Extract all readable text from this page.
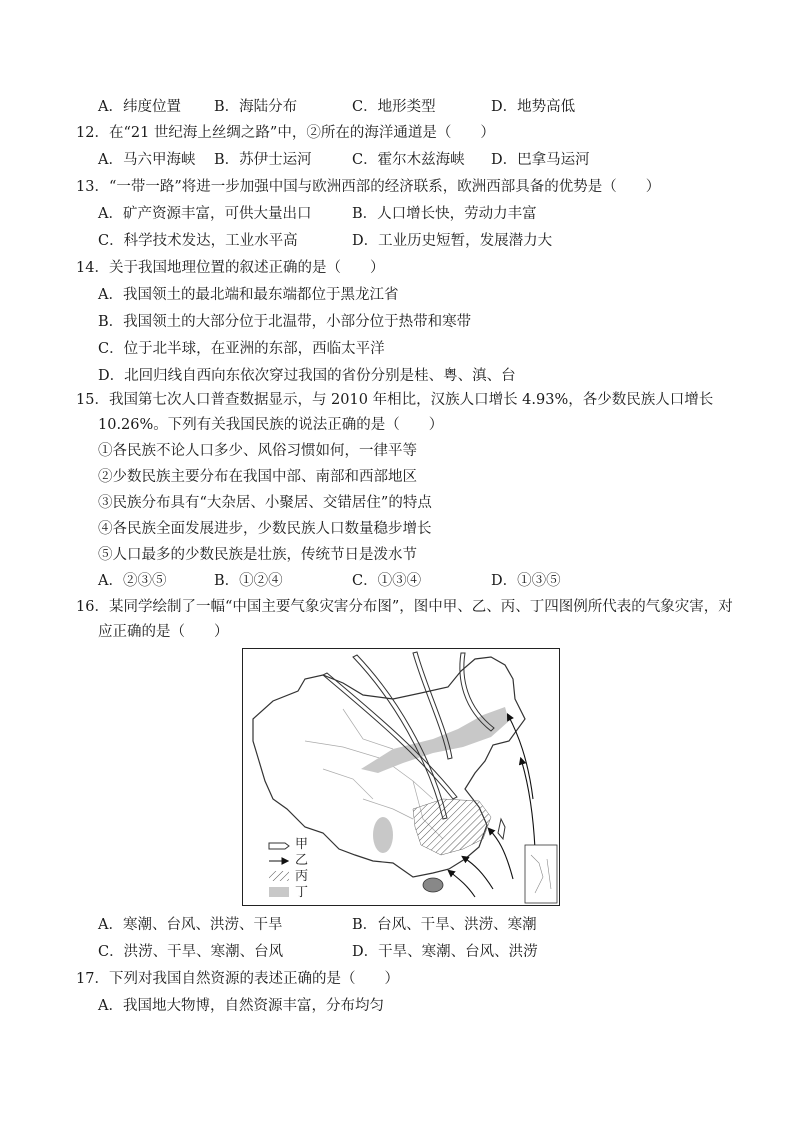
A．纬度位置 B．海陆分布	C．地形类型	D．地势高低
12．在“21 世纪海上丝绸之路”中，②所在的海洋通道是（　　）
A．马六甲海峡 B．苏伊士运河	C．霍尔木兹海峡 D．巴拿马运河
13．“一带一路”将进一步加强中国与欧洲西部的经济联系，欧洲西部具备的优势是（　　）
A．矿产资源丰富，可供大量出口	B．人口增长快，劳动力丰富
C．科学技术发达，工业水平高	D．工业历史短暂，发展潜力大
14．关于我国地理位置的叙述正确的是（　　）
A．我国领土的最北端和最东端都位于黑龙江省
B．我国领土的大部分位于北温带，小部分位于热带和寒带
C．位于北半球，在亚洲的东部，西临太平洋
D．北回归线自西向东依次穿过我国的省份分别是桂、粤、滇、台
15．我国第七次人口普查数据显示，与 2010 年相比，汉族人口增长 4.93%，各少数民族人口增长
10.26%。下列有关我国民族的说法正确的是（　　）
①各民族不论人口多少、风俗习惯如何，一律平等
②少数民族主要分布在我国中部、南部和西部地区
③民族分布具有“大杂居、小聚居、交错居住”的特点
④各民族全面发展进步，少数民族人口数量稳步增长
⑤人口最多的少数民族是壮族，传统节日是泼水节
A．②③⑤	B．①②④	C．①③④	D．①③⑤
16．某同学绘制了一幅“中国主要气象灾害分布图”，图中甲、乙、丙、丁四图例所代表的气象灾害，对
应正确的是（　　）
甲
乙
丙
丁
A．寒潮、台风、洪涝、干旱	B．台风、干旱、洪涝、寒潮
C．洪涝、干旱、寒潮、台风	D．干旱、寒潮、台风、洪涝
17．下列对我国自然资源的表述正确的是（　　）
A．我国地大物博，自然资源丰富，分布均匀
